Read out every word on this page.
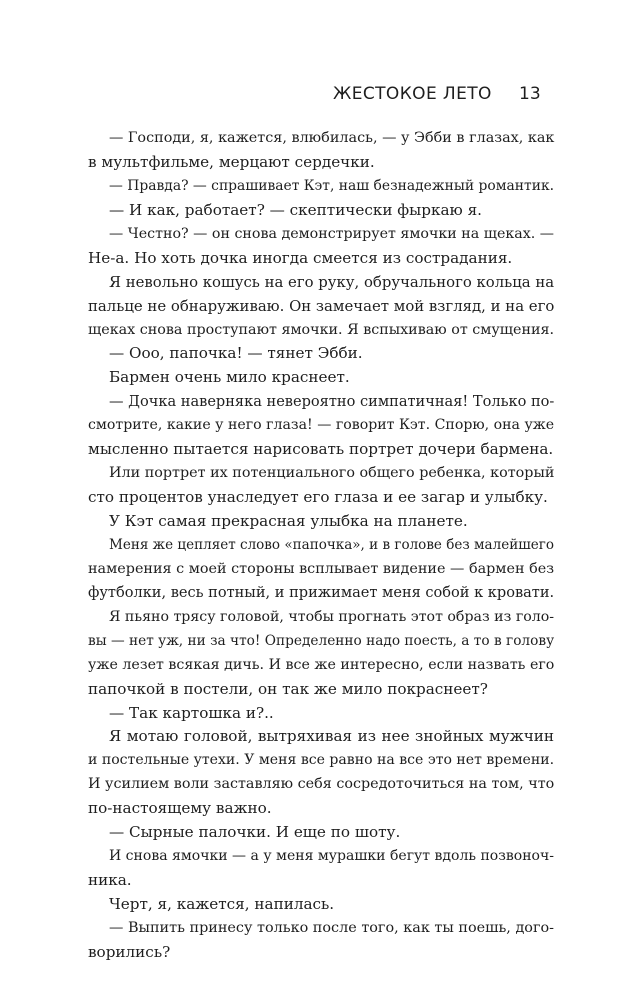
ЖЕСТОКОЕ ЛЕТО 13
— Господи, я, кажется, влюбилась, — у Эбби в глазах, как
в мультфильме, мерцают сердечки.
— Правда? — спрашивает Кэт, наш безнадежный романтик.
— И как, работает? — скептически фыркаю я.
— Честно? — он снова демонстрирует ямочки на щеках. —
Не-а. Но хоть дочка иногда смеется из сострадания.
Я невольно кошусь на его руку, обручального кольца на
пальце не обнаруживаю. Он замечает мой взгляд, и на его
щеках снова проступают ямочки. Я вспыхиваю от смущения.
— Ооо, папочка! — тянет Эбби.
Бармен очень мило краснеет.
— Дочка наверняка невероятно симпатичная! Только по-
смотрите, какие у него глаза! — говорит Кэт. Спорю, она уже
мысленно пытается нарисовать портрет дочери бармена.
Или портрет их потенциального общего ребенка, который
сто процентов унаследует его глаза и ее загар и улыбку.
У Кэт самая прекрасная улыбка на планете.
Меня же цепляет слово «папочка», и в голове без малейшего
намерения с моей стороны всплывает видение — бармен без
футболки, весь потный, и прижимает меня собой к кровати.
Я пьяно трясу головой, чтобы прогнать этот образ из голо-
вы — нет уж, ни за что! Определенно надо поесть, а то в голову
уже лезет всякая дичь. И все же интересно, если назвать его
папочкой в постели, он так же мило покраснеет?
— Так картошка и?..
Я мотаю головой, вытряхивая из нее знойных мужчин
и постельные утехи. У меня все равно на все это нет времени.
И усилием воли заставляю себя сосредоточиться на том, что
по-настоящему важно.
— Сырные палочки. И еще по шоту.
И снова ямочки — а у меня мурашки бегут вдоль позвоноч-
ника.
Черт, я, кажется, напилась.
— Выпить принесу только после того, как ты поешь, дого-
ворились?
